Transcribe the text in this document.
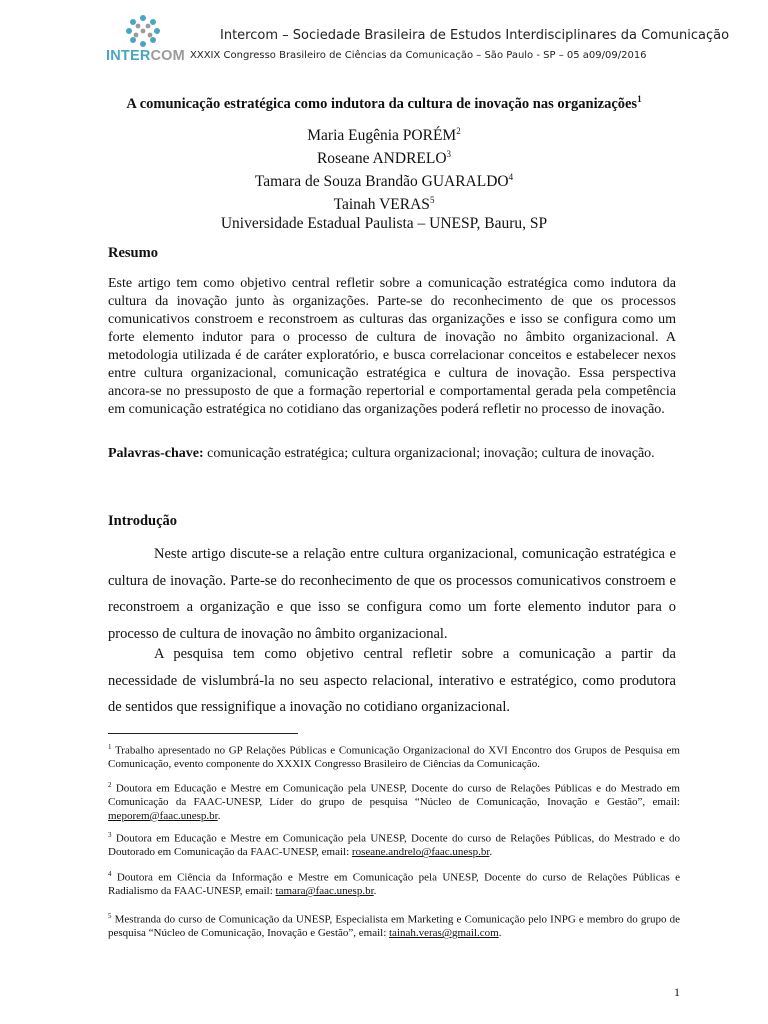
INTERCOM
Intercom – Sociedade Brasileira de Estudos Interdisciplinares da Comunicação
XXXIX Congresso Brasileiro de Ciências da Comunicação – São Paulo - SP – 05 a09/09/2016
A comunicação estratégica como indutora da cultura de inovação nas organizações$^1$
Maria Eugênia PORÉM$^2$
Roseane ANDRELO$^3$
Tamara de Souza Brandão GUARALDO$^4$
Tainah VERAS$^5$
Universidade Estadual Paulista – UNESP, Bauru, SP
Resumo
Este artigo tem como objetivo central refletir sobre a comunicação estratégica como indutora da cultura da inovação junto às organizações. Parte-se do reconhecimento de que os processos comunicativos constroem e reconstroem as culturas das organizações e isso se configura como um forte elemento indutor para o processo de cultura de inovação no âmbito organizacional. A metodologia utilizada é de caráter exploratório, e busca correlacionar conceitos e estabelecer nexos entre cultura organizacional, comunicação estratégica e cultura de inovação. Essa perspectiva ancora-se no pressuposto de que a formação repertorial e comportamental gerada pela competência em comunicação estratégica no cotidiano das organizações poderá refletir no processo de inovação.
Palavras-chave: comunicação estratégica; cultura organizacional; inovação; cultura de inovação.
Introdução
Neste artigo discute-se a relação entre cultura organizacional, comunicação estratégica e cultura de inovação. Parte-se do reconhecimento de que os processos comunicativos constroem e reconstroem a organização e que isso se configura como um forte elemento indutor para o processo de cultura de inovação no âmbito organizacional.
A pesquisa tem como objetivo central refletir sobre a comunicação a partir da necessidade de vislumbrá-la no seu aspecto relacional, interativo e estratégico, como produtora de sentidos que ressignifique a inovação no cotidiano organizacional.
$^1$ Trabalho apresentado no GP Relações Públicas e Comunicação Organizacional do XVI Encontro dos Grupos de Pesquisa em Comunicação, evento componente do XXXIX Congresso Brasileiro de Ciências da Comunicação.
$^2$ Doutora em Educação e Mestre em Comunicação pela UNESP, Docente do curso de Relações Públicas e do Mestrado em Comunicação da FAAC-UNESP, Líder do grupo de pesquisa “Núcleo de Comunicação, Inovação e Gestão”, email: meporem@faac.unesp.br.
$^3$ Doutora em Educação e Mestre em Comunicação pela UNESP, Docente do curso de Relações Públicas, do Mestrado e do Doutorado em Comunicação da FAAC-UNESP, email: roseane.andrelo@faac.unesp.br.
$^4$ Doutora em Ciência da Informação e Mestre em Comunicação pela UNESP, Docente do curso de Relações Públicas e Radialismo da FAAC-UNESP, email: tamara@faac.unesp.br.
$^5$ Mestranda do curso de Comunicação da UNESP, Especialista em Marketing e Comunicação pelo INPG e membro do grupo de pesquisa “Núcleo de Comunicação, Inovação e Gestão”, email: tainah.veras@gmail.com.
1
